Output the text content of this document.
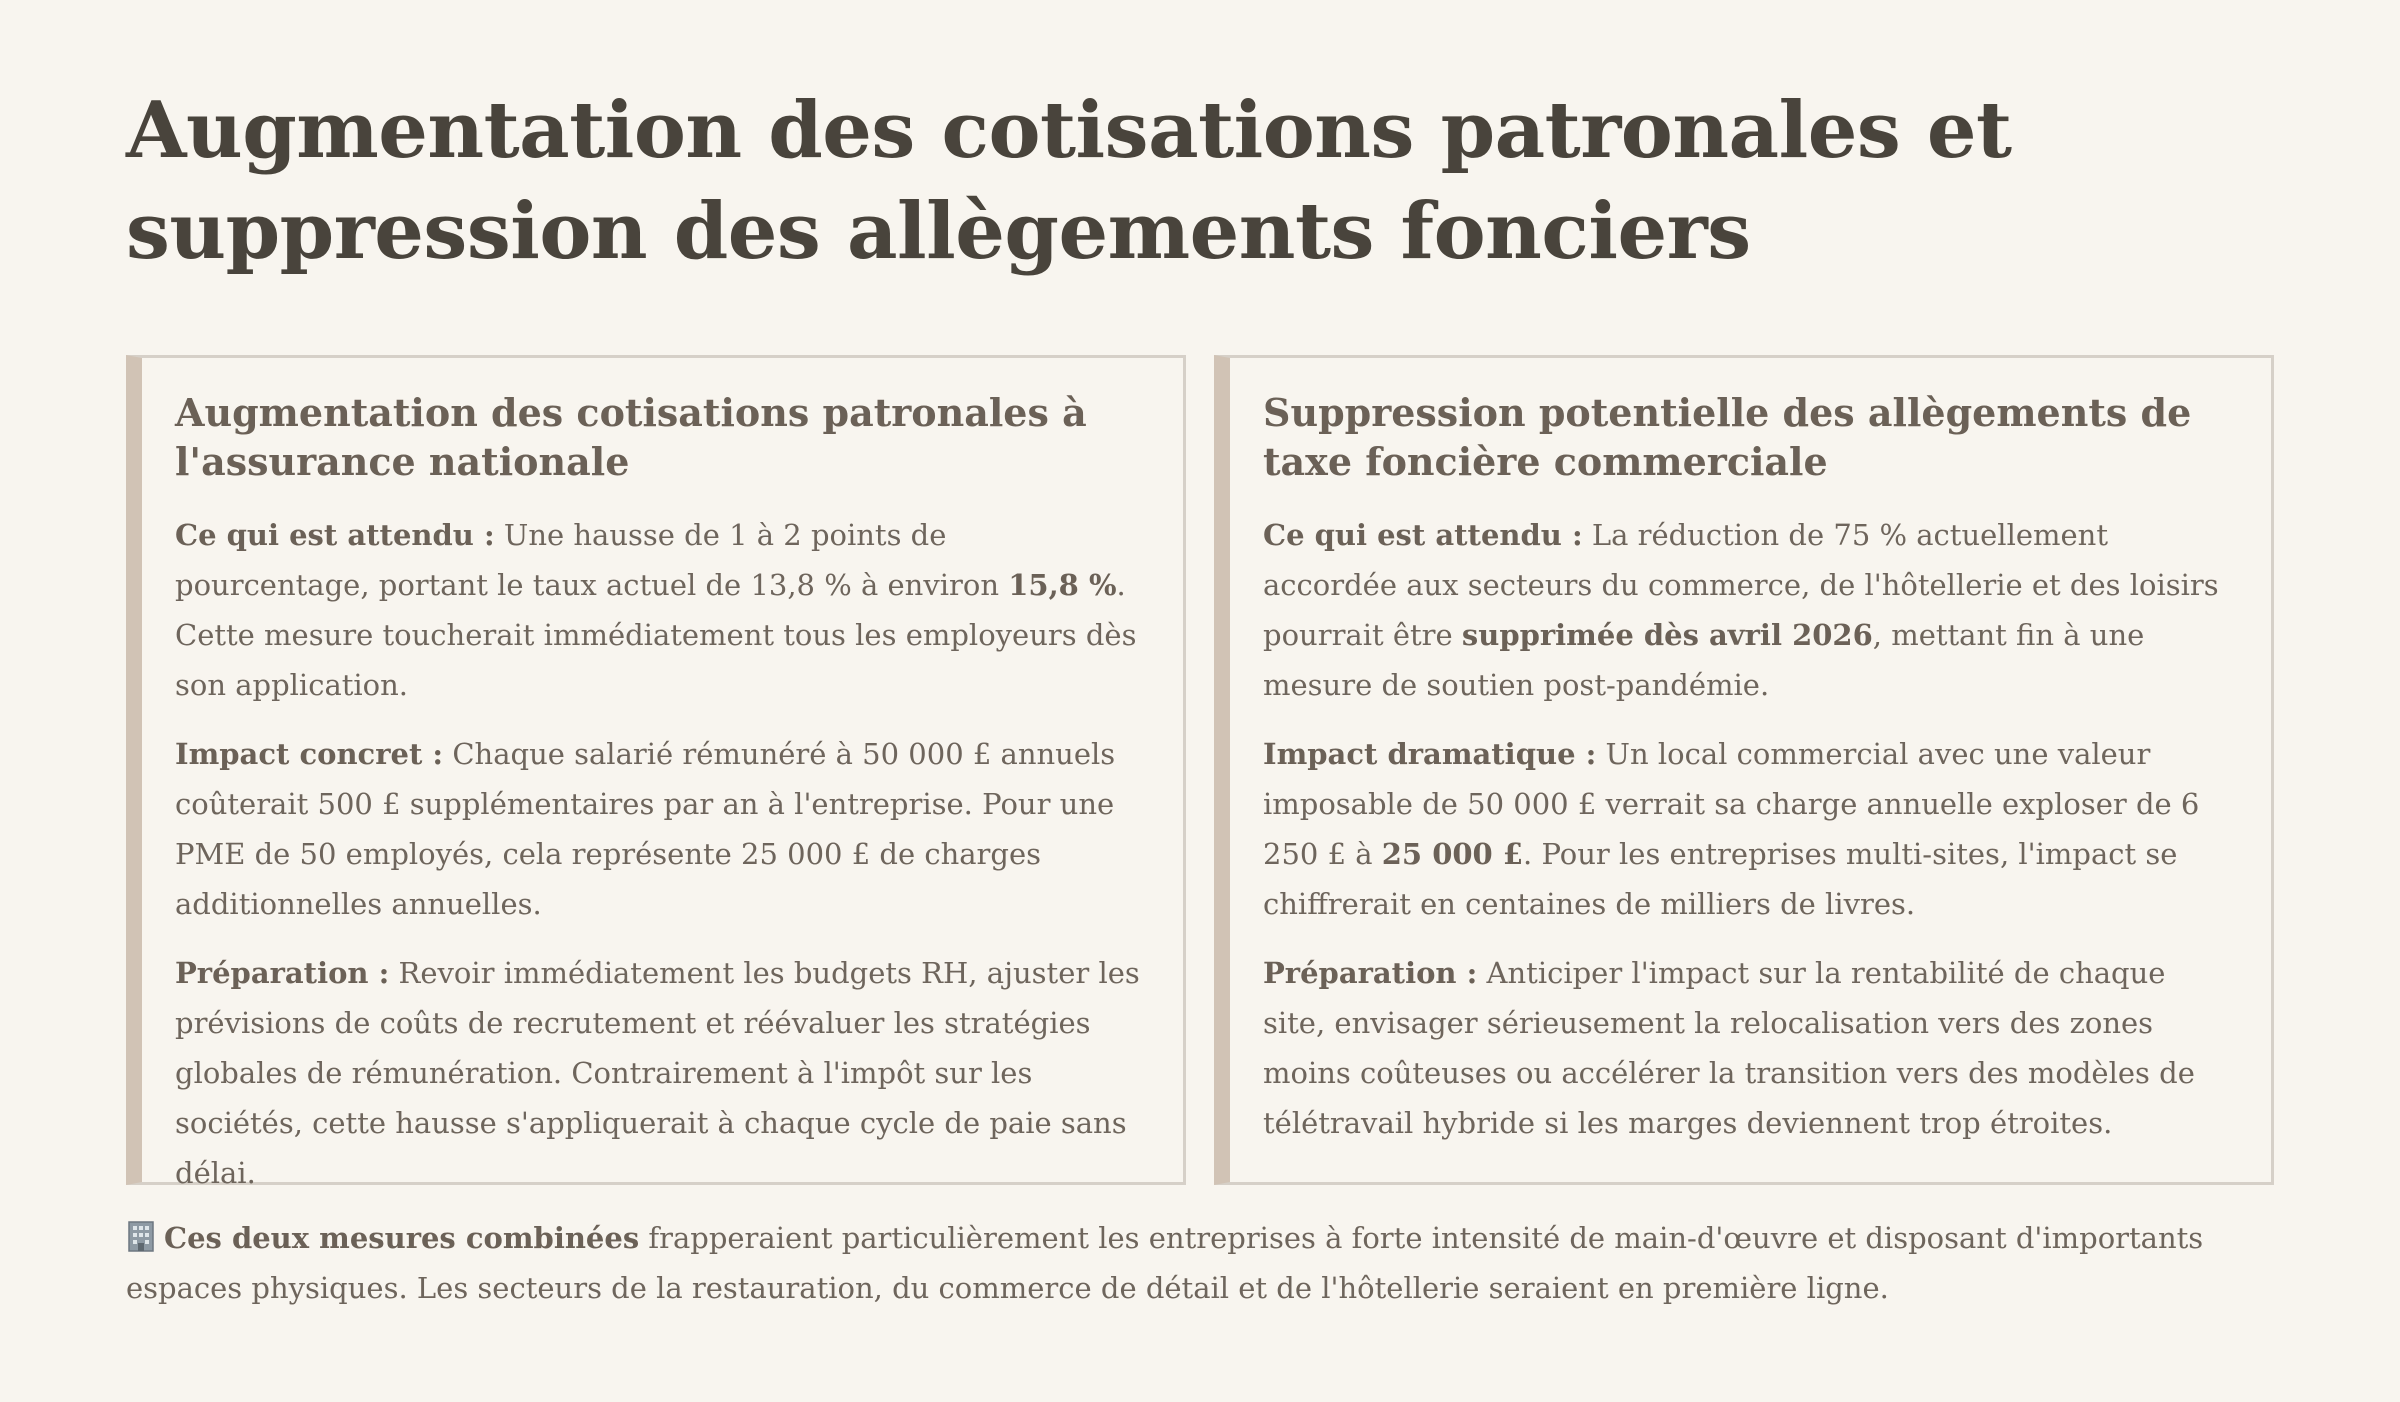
Augmentation des cotisations patronales et suppression des allègements fonciers
Augmentation des cotisations patronales à l'assurance nationale

Ce qui est attendu : Une hausse de 1 à 2 points de pourcentage, portant le taux actuel de 13,8 % à environ 15,8 %. Cette mesure toucherait immédiatement tous les employeurs dès son application.

Impact concret : Chaque salarié rémunéré à 50 000 £ annuels coûterait 500 £ supplémentaires par an à l'entreprise. Pour une PME de 50 employés, cela représente 25 000 £ de charges additionnelles annuelles.

Préparation : Revoir immédiatement les budgets RH, ajuster les prévisions de coûts de recrutement et réévaluer les stratégies globales de rémunération. Contrairement à l'impôt sur les sociétés, cette hausse s'appliquerait à chaque cycle de paie sans délai.

Suppression potentielle des allègements de taxe foncière commerciale

Ce qui est attendu : La réduction de 75 % actuellement accordée aux secteurs du commerce, de l'hôtellerie et des loisirs pourrait être supprimée dès avril 2026, mettant fin à une mesure de soutien post-pandémie.

Impact dramatique : Un local commercial avec une valeur imposable de 50 000 £ verrait sa charge annuelle exploser de 6 250 £ à 25 000 £. Pour les entreprises multi-sites, l'impact se chiffrerait en centaines de milliers de livres.

Préparation : Anticiper l'impact sur la rentabilité de chaque site, envisager sérieusement la relocalisation vers des zones moins coûteuses ou accélérer la transition vers des modèles de télétravail hybride si les marges deviennent trop étroites.

Ces deux mesures combinées frapperaient particulièrement les entreprises à forte intensité de main-d'œuvre et disposant d'importants espaces physiques. Les secteurs de la restauration, du commerce de détail et de l'hôtellerie seraient en première ligne.
